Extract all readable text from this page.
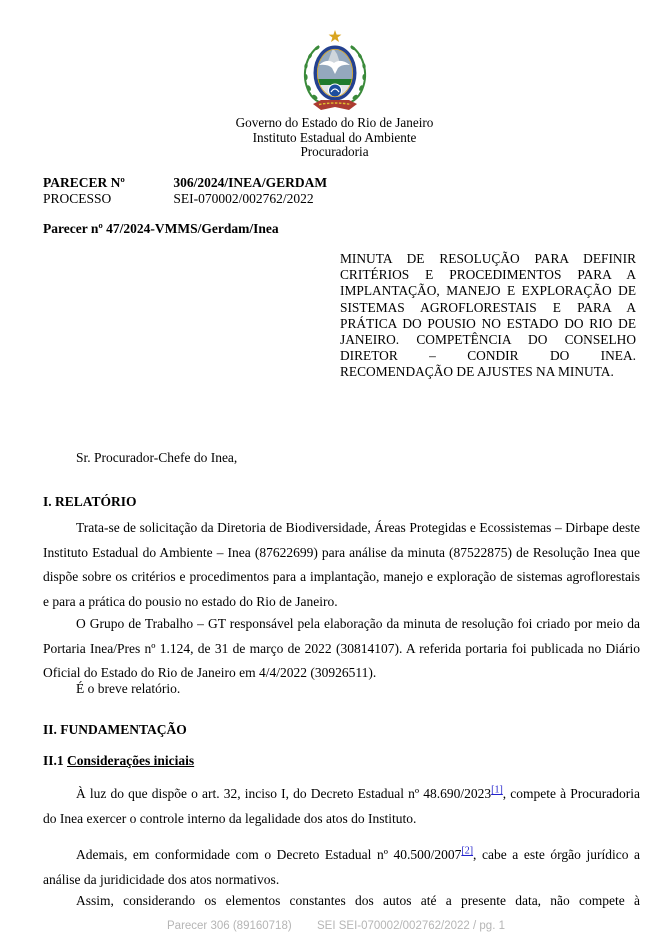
Governo do Estado do Rio de Janeiro
Instituto Estadual do Ambiente
Procuradoria
PARECER Nº	306/2024/INEA/GERDAM
PROCESSO	SEI-070002/002762/2022
Parecer nº 47/2024-VMMS/Gerdam/Inea
MINUTA DE RESOLUÇÃO PARA DEFINIR CRITÉRIOS E PROCEDIMENTOS PARA A IMPLANTAÇÃO, MANEJO E EXPLORAÇÃO DE SISTEMAS AGROFLORESTAIS E PARA A PRÁTICA DO POUSIO NO ESTADO DO RIO DE JANEIRO. COMPETÊNCIA DO CONSELHO DIRETOR – CONDIR DO INEA. RECOMENDAÇÃO DE AJUSTES NA MINUTA.
Sr. Procurador-Chefe do Inea,
I. RELATÓRIO

Trata-se de solicitação da Diretoria de Biodiversidade, Áreas Protegidas e Ecossistemas – Dirbape deste Instituto Estadual do Ambiente – Inea (87622699) para análise da minuta (87522875) de Resolução Inea que dispõe sobre os critérios e procedimentos para a implantação, manejo e exploração de sistemas agroflorestais e para a prática do pousio no estado do Rio de Janeiro.

O Grupo de Trabalho – GT responsável pela elaboração da minuta de resolução foi criado por meio da Portaria Inea/Pres nº 1.124, de 31 de março de 2022 (30814107). A referida portaria foi publicada no Diário Oficial do Estado do Rio de Janeiro em 4/4/2022 (30926511).

É o breve relatório.

II. FUNDAMENTAÇÃO
II.1 Considerações iniciais

À luz do que dispõe o art. 32, inciso I, do Decreto Estadual nº 48.690/2023[1], compete à Procuradoria do Inea exercer o controle interno da legalidade dos atos do Instituto.

Ademais, em conformidade com o Decreto Estadual nº 40.500/2007[2], cabe a este órgão jurídico a análise da juridicidade dos atos normativos.

Assim, considerando os elementos constantes dos autos até a presente data, não compete à

Parecer 306 (89160718) SEI SEI-070002/002762/2022 / pg. 1
